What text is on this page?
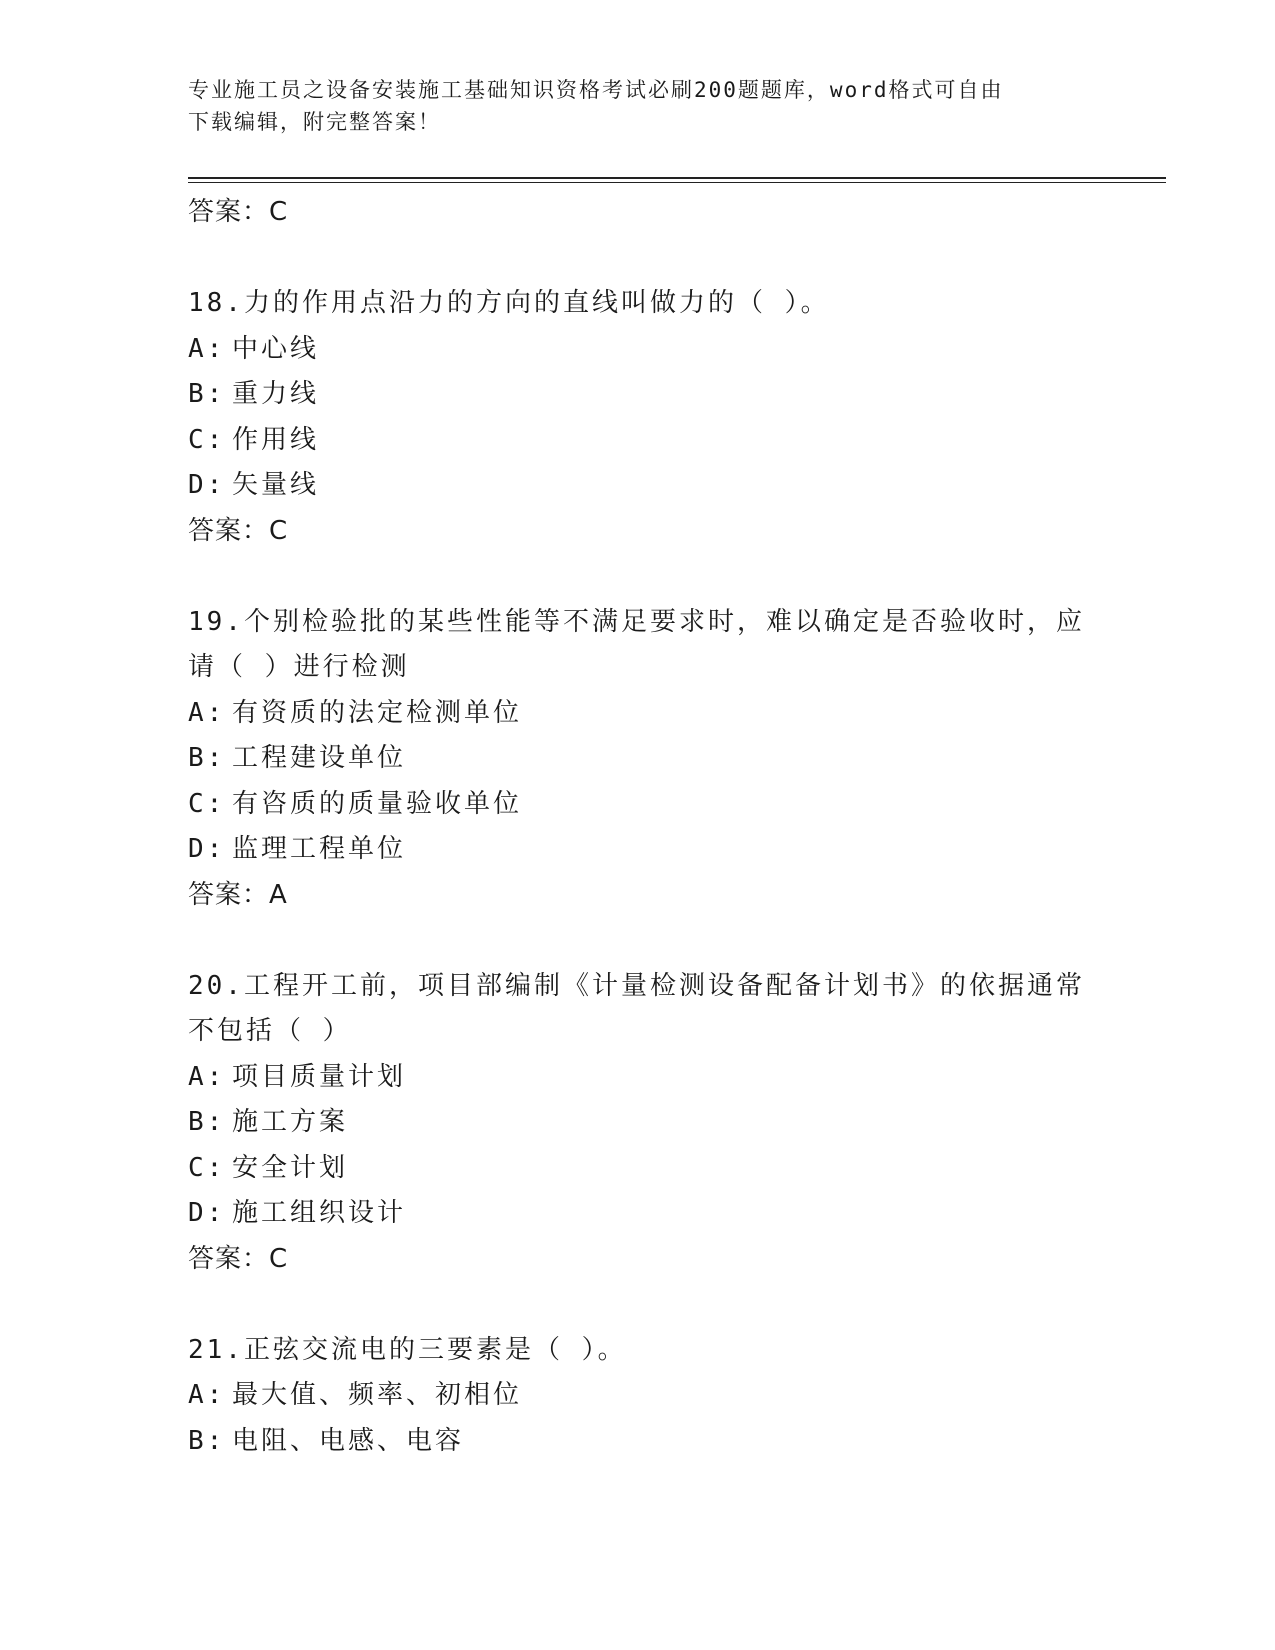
专业施工员之设备安装施工基础知识资格考试必刷200题题库，word格式可自由
下载编辑，附完整答案！
答案：C
18.力的作用点沿力的方向的直线叫做力的（ ）。
A: 中心线
B: 重力线
C: 作用线
D: 矢量线
答案：C
19.个别检验批的某些性能等不满足要求时，难以确定是否验收时，应
请（ ）进行检测
A: 有资质的法定检测单位
B: 工程建设单位
C: 有咨质的质量验收单位
D: 监理工程单位
答案：A
20.工程开工前，项目部编制《计量检测设备配备计划书》的依据通常
不包括（ ）
A: 项目质量计划
B: 施工方案
C: 安全计划
D: 施工组织设计
答案：C
21.正弦交流电的三要素是（ ）。
A: 最大值、频率、初相位
B: 电阻、电感、电容
